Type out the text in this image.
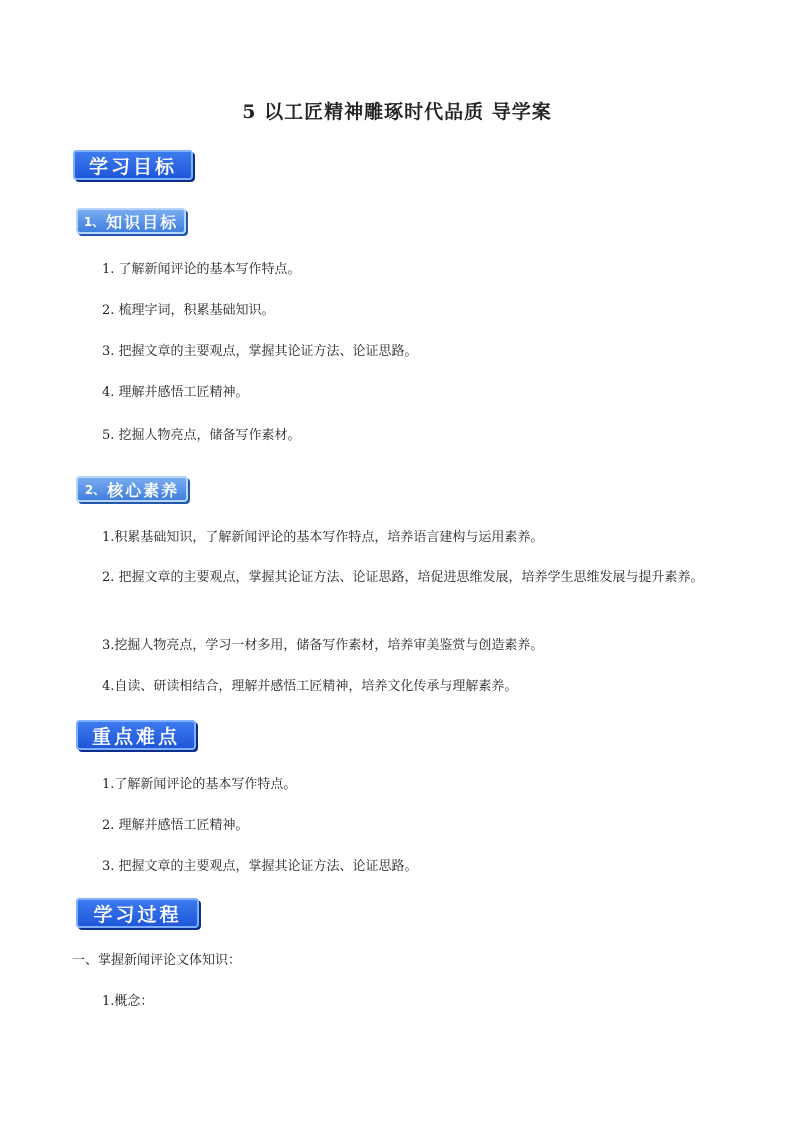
5 以工匠精神雕琢时代品质 导学案
学习目标
1、 知识目标
1. 了解新闻评论的基本写作特点。
2. 梳理字词，积累基础知识。
3. 把握文章的主要观点，掌握其论证方法、论证思路。
4. 理解并感悟工匠精神。
5. 挖掘人物亮点，储备写作素材。
2、 核心素养
1.积累基础知识，了解新闻评论的基本写作特点，培养语言建构与运用素养。
2. 把握文章的主要观点，掌握其论证方法、论证思路，培促进思维发展，培养学生思维发展与提升素养。
3.挖掘人物亮点，学习一材多用，储备写作素材，培养审美鉴赏与创造素养。
4.自读、研读相结合，理解并感悟工匠精神，培养文化传承与理解素养。
重点难点
1.了解新闻评论的基本写作特点。
2. 理解并感悟工匠精神。
3. 把握文章的主要观点，掌握其论证方法、论证思路。
学习过程
一、掌握新闻评论文体知识：
1.概念：
